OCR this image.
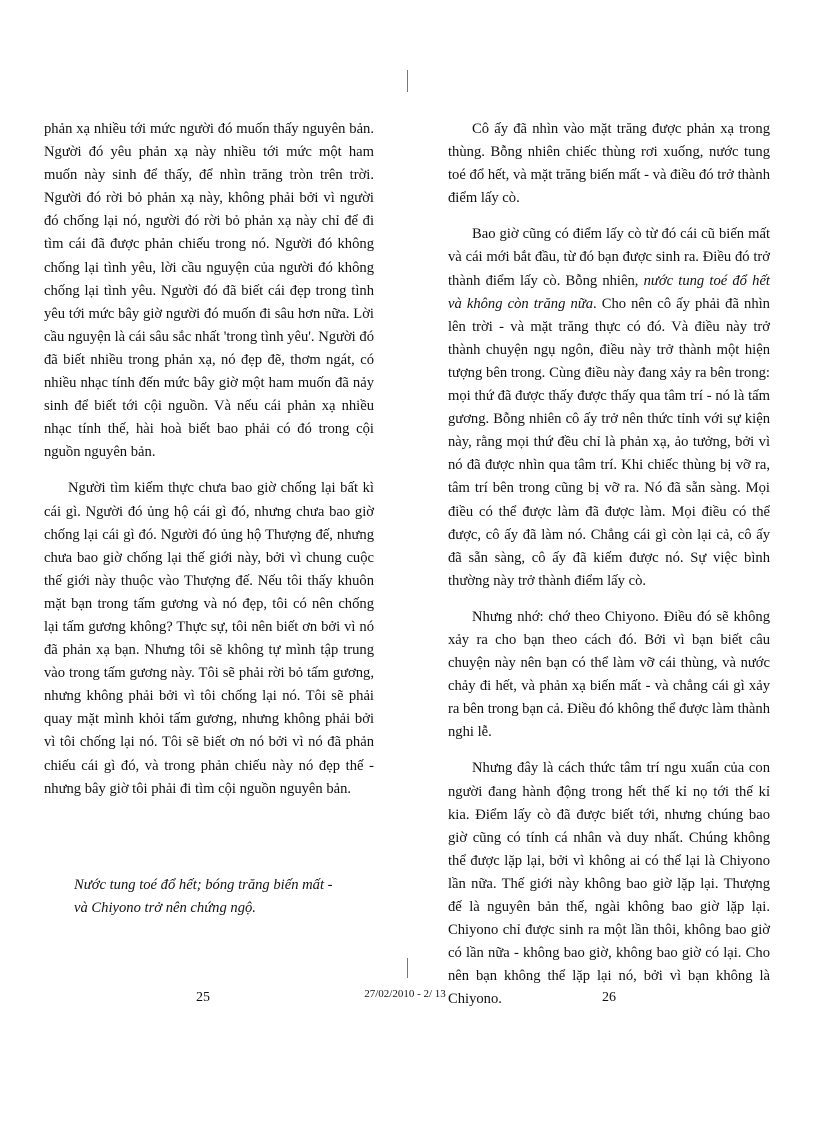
phản xạ nhiều tới mức người đó muốn thấy nguyên bản. Người đó yêu phản xạ này nhiều tới mức một ham muốn này sinh để thấy, để nhìn trăng tròn trên trời. Người đó rời bỏ phản xạ này, không phải bởi vì người đó chống lại nó, người đó rời bỏ phản xạ này chỉ để đi tìm cái đã được phản chiếu trong nó. Người đó không chống lại tình yêu, lời cầu nguyện của người đó không chống lại tình yêu. Người đó đã biết cái đẹp trong tình yêu tới mức bây giờ người đó muốn đi sâu hơn nữa. Lời cầu nguyện là cái sâu sắc nhất 'trong tình yêu'. Người đó đã biết nhiều trong phản xạ, nó đẹp đẽ, thơm ngát, có nhiều nhạc tính đến mức bây giờ một ham muốn đã nảy sinh để biết tới cội nguồn. Và nếu cái phản xạ nhiều nhạc tính thế, hài hoà biết bao phải có đó trong cội nguồn nguyên bản.

Người tìm kiếm thực chưa bao giờ chống lại bất kì cái gì. Người đó ủng hộ cái gì đó, nhưng chưa bao giờ chống lại cái gì đó. Người đó ủng hộ Thượng đế, nhưng chưa bao giờ chống lại thế giới này, bởi vì chung cuộc thế giới này thuộc vào Thượng đế. Nếu tôi thấy khuôn mặt bạn trong tấm gương và nó đẹp, tôi có nên chống lại tấm gương không? Thực sự, tôi nên biết ơn bởi vì nó đã phản xạ bạn. Nhưng tôi sẽ không tự mình tập trung vào trong tấm gương này. Tôi sẽ phải rời bỏ tấm gương, nhưng không phải bởi vì tôi chống lại nó. Tôi sẽ phải quay mặt mình khỏi tấm gương, nhưng không phải bởi vì tôi chống lại nó. Tôi sẽ biết ơn nó bởi vì nó đã phản chiếu cái gì đó, và trong phản chiếu này nó đẹp thế - nhưng bây giờ tôi phải đi tìm cội nguồn nguyên bản.

Nước tung toé đổ hết; bóng trăng biến mất -
và Chiyono trở nên chứng ngộ.

Cô ấy đã nhìn vào mặt trăng được phản xạ trong thùng. Bỗng nhiên chiếc thùng rơi xuống, nước tung toé đổ hết, và mặt trăng biến mất - và điều đó trở thành điểm lấy cò.

Bao giờ cũng có điểm lấy cò từ đó cái cũ biến mất và cái mới bắt đầu, từ đó bạn được sinh ra. Điều đó trở thành điểm lấy cò. Bỗng nhiên, nước tung toé đổ hết và không còn trăng nữa. Cho nên cô ấy phải đã nhìn lên trời - và mặt trăng thực có đó. Và điều này trở thành chuyện ngụ ngôn, điều này trở thành một hiện tượng bên trong. Cùng điều này đang xảy ra bên trong: mọi thứ đã được thấy được thấy qua tâm trí - nó là tấm gương. Bỗng nhiên cô ấy trở nên thức tỉnh với sự kiện này, rằng mọi thứ đều chỉ là phản xạ, ảo tưởng, bởi vì nó đã được nhìn qua tâm trí. Khi chiếc thùng bị vỡ ra, tâm trí bên trong cũng bị vỡ ra. Nó đã sẵn sàng. Mọi điều có thể được làm đã được làm. Mọi điều có thể được, cô ấy đã làm nó. Chẳng cái gì còn lại cả, cô ấy đã sẵn sàng, cô ấy đã kiếm được nó. Sự việc bình thường này trở thành điểm lấy cò.

Nhưng nhớ: chớ theo Chiyono. Điều đó sẽ không xảy ra cho bạn theo cách đó. Bởi vì bạn biết câu chuyện này nên bạn có thể làm vỡ cái thùng, và nước chảy đi hết, và phản xạ biến mất - và chẳng cái gì xảy ra bên trong bạn cả. Điều đó không thể được làm thành nghi lễ.

Nhưng đây là cách thức tâm trí ngu xuẩn của con người đang hành động trong hết thế kỉ nọ tới thế kỉ kia. Điểm lấy cò đã được biết tới, nhưng chúng bao giờ cũng có tính cá nhân và duy nhất. Chúng không thể được lặp lại, bởi vì không ai có thể lại là Chiyono lần nữa. Thế giới này không bao giờ lặp lại. Thượng đế là nguyên bản thế, ngài không bao giờ lặp lại. Chiyono chỉ được sinh ra một lần thôi, không bao giờ có lần nữa - không bao giờ, không bao giờ có lại. Cho nên bạn không thể lặp lại nó, bởi vì bạn không là Chiyono.

25	27/02/2010 - 2/ 13	26
